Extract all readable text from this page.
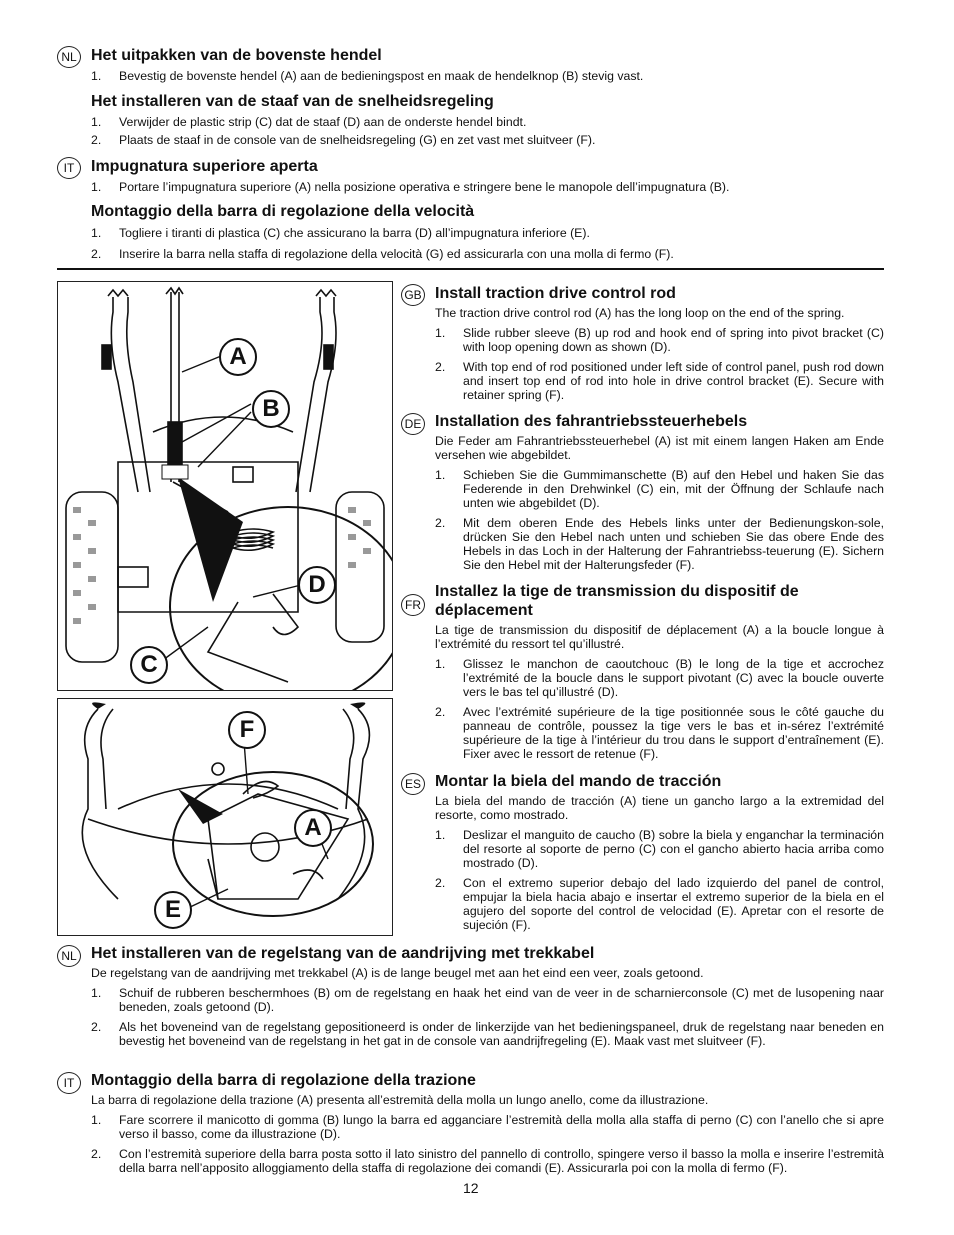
NL Het uitpakken van de bovenste hendel

1.	Bevestig de bovenste hendel (A) aan de bedieningspost en maak de hendelknop (B) stevig vast.

Het installeren van de staaf van de snelheidsregeling

1.	Verwijder de plastic strip (C) dat de staaf (D) aan de onderste hendel bindt.
2.	Plaats de staaf in de console van de snelheidsregeling (G) en zet vast met sluitveer (F).
IT	Impugnatura superiore aperta

1.	Portare l’impugnatura superiore (A) nella posizione operativa e stringere bene le manopole dell’impugnatura (B).

Montaggio della barra di regolazione della velocità

1.	Togliere i tiranti di plastica (C) che assicurano la barra (D) all’impugnatura inferiore (E).
2.	Inserire la barra nella staffa di regolazione della velocità (G) ed assicurarla con una molla di fermo (F).
A
B
D
C
F
A
E
GB Install traction drive control rod

The traction drive control rod (A) has the long loop on the end of the spring.

1.	Slide rubber sleeve (B) up rod and hook end of spring into pivot bracket (C) with loop opening down as shown (D).
2.	With top end of rod positioned under left side of control panel, push rod down and insert top end of rod into hole in drive control bracket (E). Secure with retainer spring (F).
DE Installation des fahrantriebssteuerhebels

Die Feder am Fahrantriebssteuerhebel (A) ist mit einem langen Haken am Ende versehen wie abgebildet.

1.	Schieben Sie die Gummimanschette (B) auf den Hebel und haken Sie das Federende in den Drehwinkel (C) ein, mit der Öffnung der Schlaufe nach unten wie abgebildet (D).
2.	Mit dem oberen Ende des Hebels links unter der Bedienungskon-sole, drücken Sie den Hebel nach unten und schieben Sie das obere Ende des Hebels in das Loch in der Halterung der Fahrantriebss-teuerung (E). Sichern Sie den Hebel mit der Halterungsfeder (F).
FR

Installez la tige de transmission du dispositif de déplacement

La tige de transmission du dispositif de déplacement (A) a la boucle longue à l’extrémité du ressort tel qu’illustré.

1.	Glissez le manchon de caoutchouc (B) le long de la tige et accrochez l’extrémité de la boucle dans le support pivotant (C) avec la boucle ouverte vers le bas tel qu’illustré (D).
2.	Avec l’extrémité supérieure de la tige positionnée sous le côté gauche du panneau de contrôle, poussez la tige vers le bas et in-sérez l’extrémité supérieure de la tige à l’intérieur du trou dans le support d’entraînement (E). Fixer avec le ressort de retenue (F).
ES Montar la biela del mando de tracción

La biela del mando de tracción (A) tiene un gancho largo a la extremidad del resorte, como mostrado.

1.	Deslizar el manguito de caucho (B) sobre la biela y enganchar la terminación del resorte al soporte de perno (C) con el gancho abierto hacia arriba como mostrado (D).
2.	Con el extremo superior debajo del lado izquierdo del panel de control, empujar la biela hacia abajo e insertar el extremo superior de la biela en el agujero del soporte del control de velocidad (E). Apretar con el resorte de sujeción (F).
NL Het installeren van de regelstang van de aandrijving met trekkabel

De regelstang van de aandrijving met trekkabel (A) is de lange beugel met aan het eind een veer, zoals getoond.

1.	Schuif de rubberen beschermhoes (B) om de regelstang en haak het eind van de veer in de scharnierconsole (C) met de lusopening naar beneden, zoals getoond (D).
2.	Als het boveneind van de regelstang gepositioneerd is onder de linkerzijde van het bedieningspaneel, druk de regelstang naar beneden en bevestig het boveneind van de regelstang in het gat in de console van aandrijfregeling (E). Maak vast met sluitveer (F).
IT	Montaggio della barra di regolazione della trazione

La barra di regolazione della trazione (A) presenta all’estremità della molla un lungo anello, come da illustrazione.

1.	Fare scorrere il manicotto di gomma (B) lungo la barra ed agganciare l’estremità della molla alla staffa di perno (C) con l’anello che si apre verso il basso, come da illustrazione (D).
2.	Con l’estremità superiore della barra posta sotto il lato sinistro del pannello di controllo, spingere verso il basso la molla e inserire l’estremità della barra nell’apposito alloggiamento della staffa di regolazione dei comandi (E). Assicurarla poi con la molla di fermo (F).
12
